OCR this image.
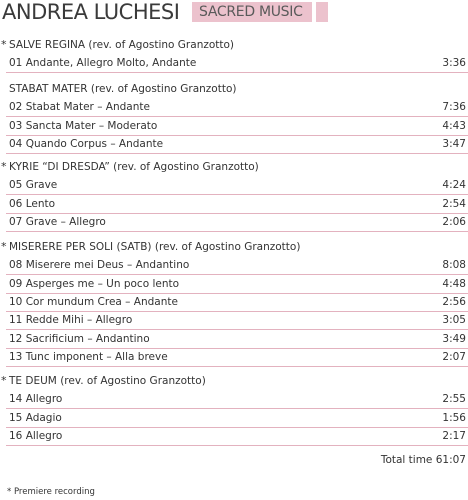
ANDREA LUCHESI	SACRED MUSIC
* SALVE REGINA (rev. of Agostino Granzotto)
01 Andante, Allegro Molto, Andante	3:36
STABAT MATER (rev. of Agostino Granzotto)
02 Stabat Mater – Andante	7:36
03 Sancta Mater – Moderato	4:43
04 Quando Corpus – Andante	3:47
* KYRIE “DI DRESDA” (rev. of Agostino Granzotto)
05 Grave	4:24
06 Lento	2:54
07 Grave – Allegro	2:06
* MISERERE PER SOLI (SATB) (rev. of Agostino Granzotto)
08 Miserere mei Deus – Andantino	8:08
09 Asperges me – Un poco lento	4:48
10 Cor mundum Crea – Andante	2:56
11 Redde Mihi – Allegro	3:05
12 Sacrificium – Andantino	3:49
13 Tunc imponent – Alla breve	2:07
* TE DEUM (rev. of Agostino Granzotto)
14 Allegro	2:55
15 Adagio	1:56
16 Allegro	2:17
Total time 61:07
* Premiere recording
